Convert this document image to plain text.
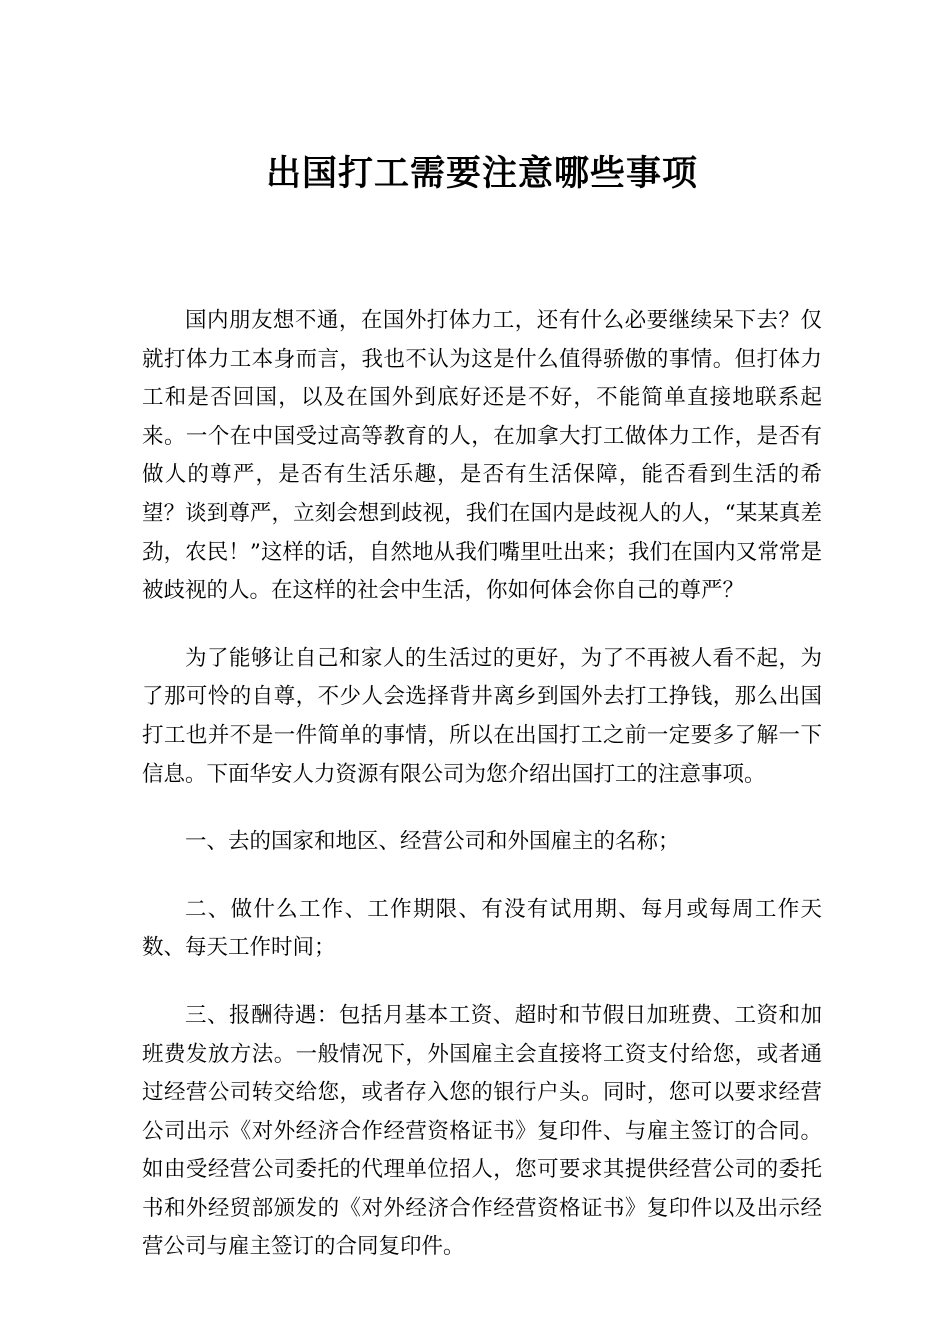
出国打工需要注意哪些事项

国内朋友想不通，在国外打体力工，还有什么必要继续呆下去？仅就打体力工本身而言，我也不认为这是什么值得骄傲的事情。但打体力工和是否回国，以及在国外到底好还是不好，不能简单直接地联系起来。一个在中国受过高等教育的人，在加拿大打工做体力工作，是否有做人的尊严，是否有生活乐趣，是否有生活保障，能否看到生活的希望？谈到尊严，立刻会想到歧视，我们在国内是歧视人的人，“某某真差劲，农民！”这样的话，自然地从我们嘴里吐出来；我们在国内又常常是被歧视的人。在这样的社会中生活，你如何体会你自己的尊严？

为了能够让自己和家人的生活过的更好，为了不再被人看不起，为了那可怜的自尊，不少人会选择背井离乡到国外去打工挣钱，那么出国打工也并不是一件简单的事情，所以在出国打工之前一定要多了解一下信息。下面华安人力资源有限公司为您介绍出国打工的注意事项。

一、去的国家和地区、经营公司和外国雇主的名称；

二、做什么工作、工作期限、有没有试用期、每月或每周工作天数、每天工作时间；

三、报酬待遇：包括月基本工资、超时和节假日加班费、工资和加班费发放方法。一般情况下，外国雇主会直接将工资支付给您，或者通过经营公司转交给您，或者存入您的银行户头。同时，您可以要求经营公司出示《对外经济合作经营资格证书》复印件、与雇主签订的合同。如由受经营公司委托的代理单位招人，您可要求其提供经营公司的委托书和外经贸部颁发的《对外经济合作经营资格证书》复印件以及出示经营公司与雇主签订的合同复印件。
